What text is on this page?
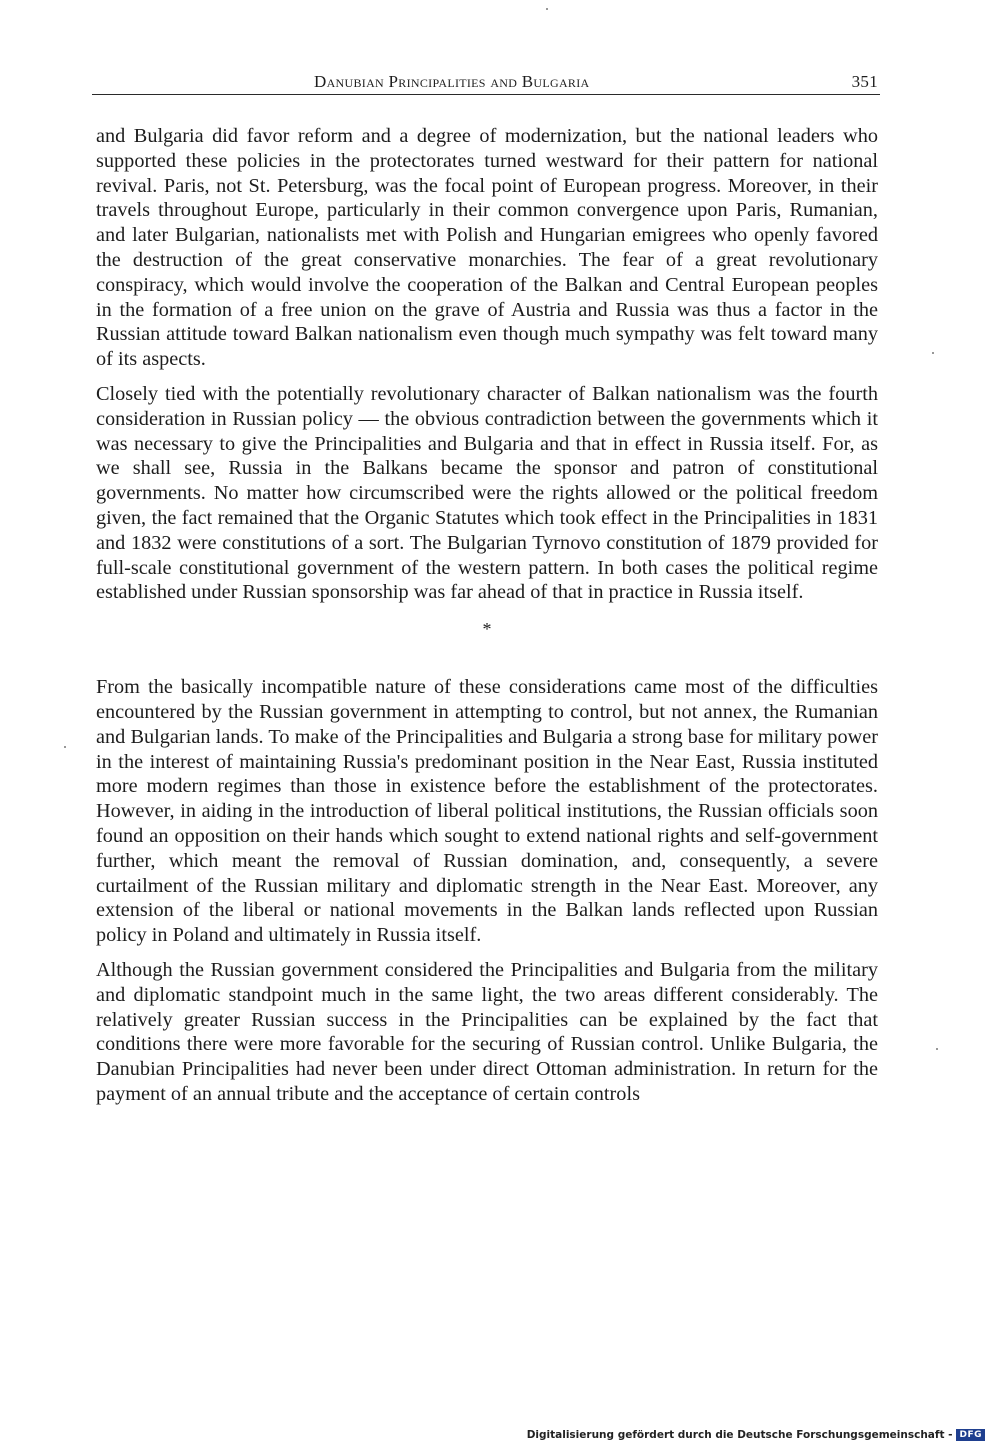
Danubian Principalities and Bulgaria	351

and Bulgaria did favor reform and a degree of modernization, but the national leaders who supported these policies in the protectorates turned westward for their pattern for national revival. Paris, not St. Petersburg, was the focal point of European progress. Moreover, in their travels throughout Europe, particularly in their common convergence upon Paris, Rumanian, and later Bulgarian, nationalists met with Polish and Hungarian emigrees who openly favored the destruction of the great conservative monarchies. The fear of a great revolutionary conspiracy, which would involve the cooperation of the Balkan and Central European peoples in the formation of a free union on the grave of Austria and Russia was thus a factor in the Russian attitude toward Balkan nationalism even though much sympathy was felt toward many of its aspects.

Closely tied with the potentially revolutionary character of Balkan nationalism was the fourth consideration in Russian policy — the obvious contradiction between the governments which it was necessary to give the Principalities and Bulgaria and that in effect in Russia itself. For, as we shall see, Russia in the Balkans became the sponsor and patron of constitutional governments. No matter how circumscribed were the rights allowed or the political freedom given, the fact remained that the Organic Statutes which took effect in the Principalities in 1831 and 1832 were constitutions of a sort. The Bulgarian Tyrnovo constitution of 1879 provided for full-scale constitutional government of the western pattern. In both cases the political regime established under Russian sponsorship was far ahead of that in practice in Russia itself.

*

From the basically incompatible nature of these considerations came most of the difficulties encountered by the Russian government in attempting to control, but not annex, the Rumanian and Bulgarian lands. To make of the Principalities and Bulgaria a strong base for military power in the interest of maintaining Russia's predominant position in the Near East, Russia instituted more modern regimes than those in existence before the establishment of the protectorates. However, in aiding in the introduction of liberal political institutions, the Russian officials soon found an opposition on their hands which sought to extend national rights and self-government further, which meant the removal of Russian domination, and, consequently, a severe curtailment of the Russian military and diplomatic strength in the Near East. Moreover, any extension of the liberal or national movements in the Balkan lands reflected upon Russian policy in Poland and ultimately in Russia itself.

Although the Russian government considered the Principalities and Bulgaria from the military and diplomatic standpoint much in the same light, the two areas different considerably. The relatively greater Russian success in the Principalities can be explained by the fact that conditions there were more favorable for the securing of Russian control. Unlike Bulgaria, the Danubian Principalities had never been under direct Ottoman administration. In return for the payment of an annual tribute and the acceptance of certain controls

Digitalisierung gefördert durch die Deutsche Forschungsgemeinschaft - DFG
